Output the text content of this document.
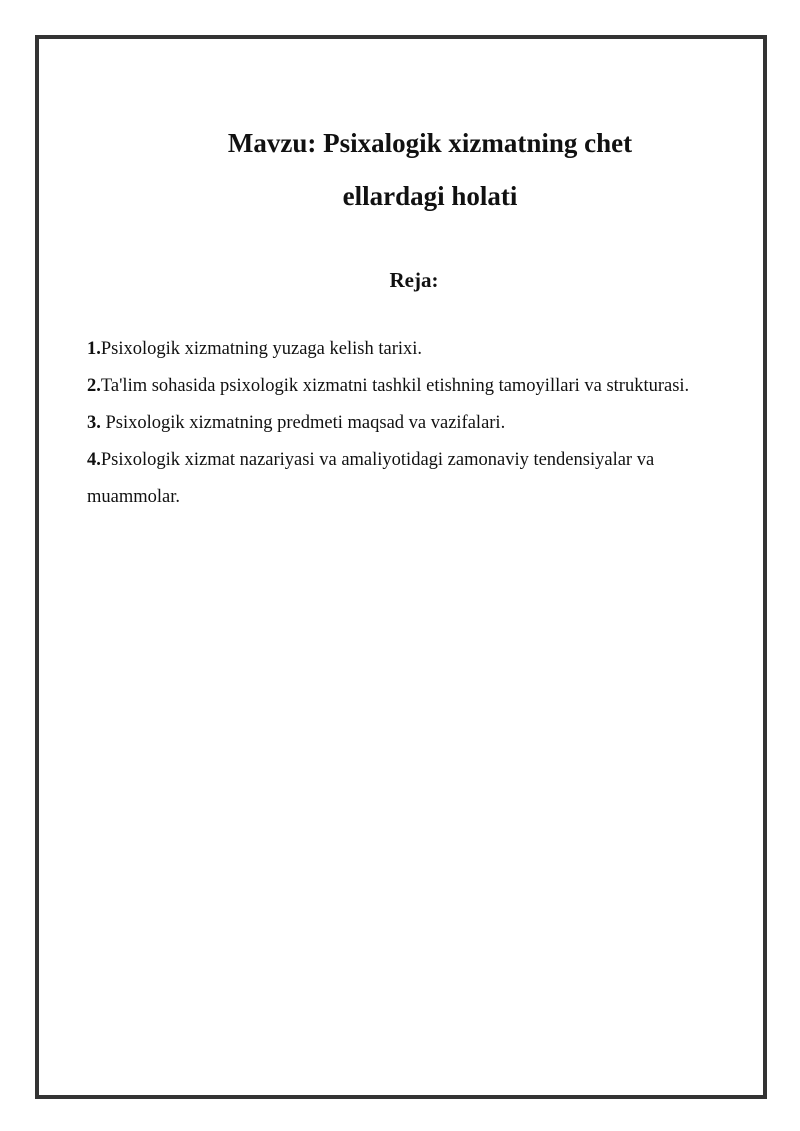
Mavzu: Psixalogik xizmatning chet
ellardagi holati
Reja:
1.Psixologik xizmatning yuzaga kelish tarixi.
2.Ta'lim sohasida psixologik xizmatni tashkil etishning tamoyillari va strukturasi.
3. Psixologik xizmatning predmeti maqsad va vazifalari.
4.Psixologik xizmat nazariyasi va amaliyotidagi zamonaviy tendensiyalar va muammolar.
